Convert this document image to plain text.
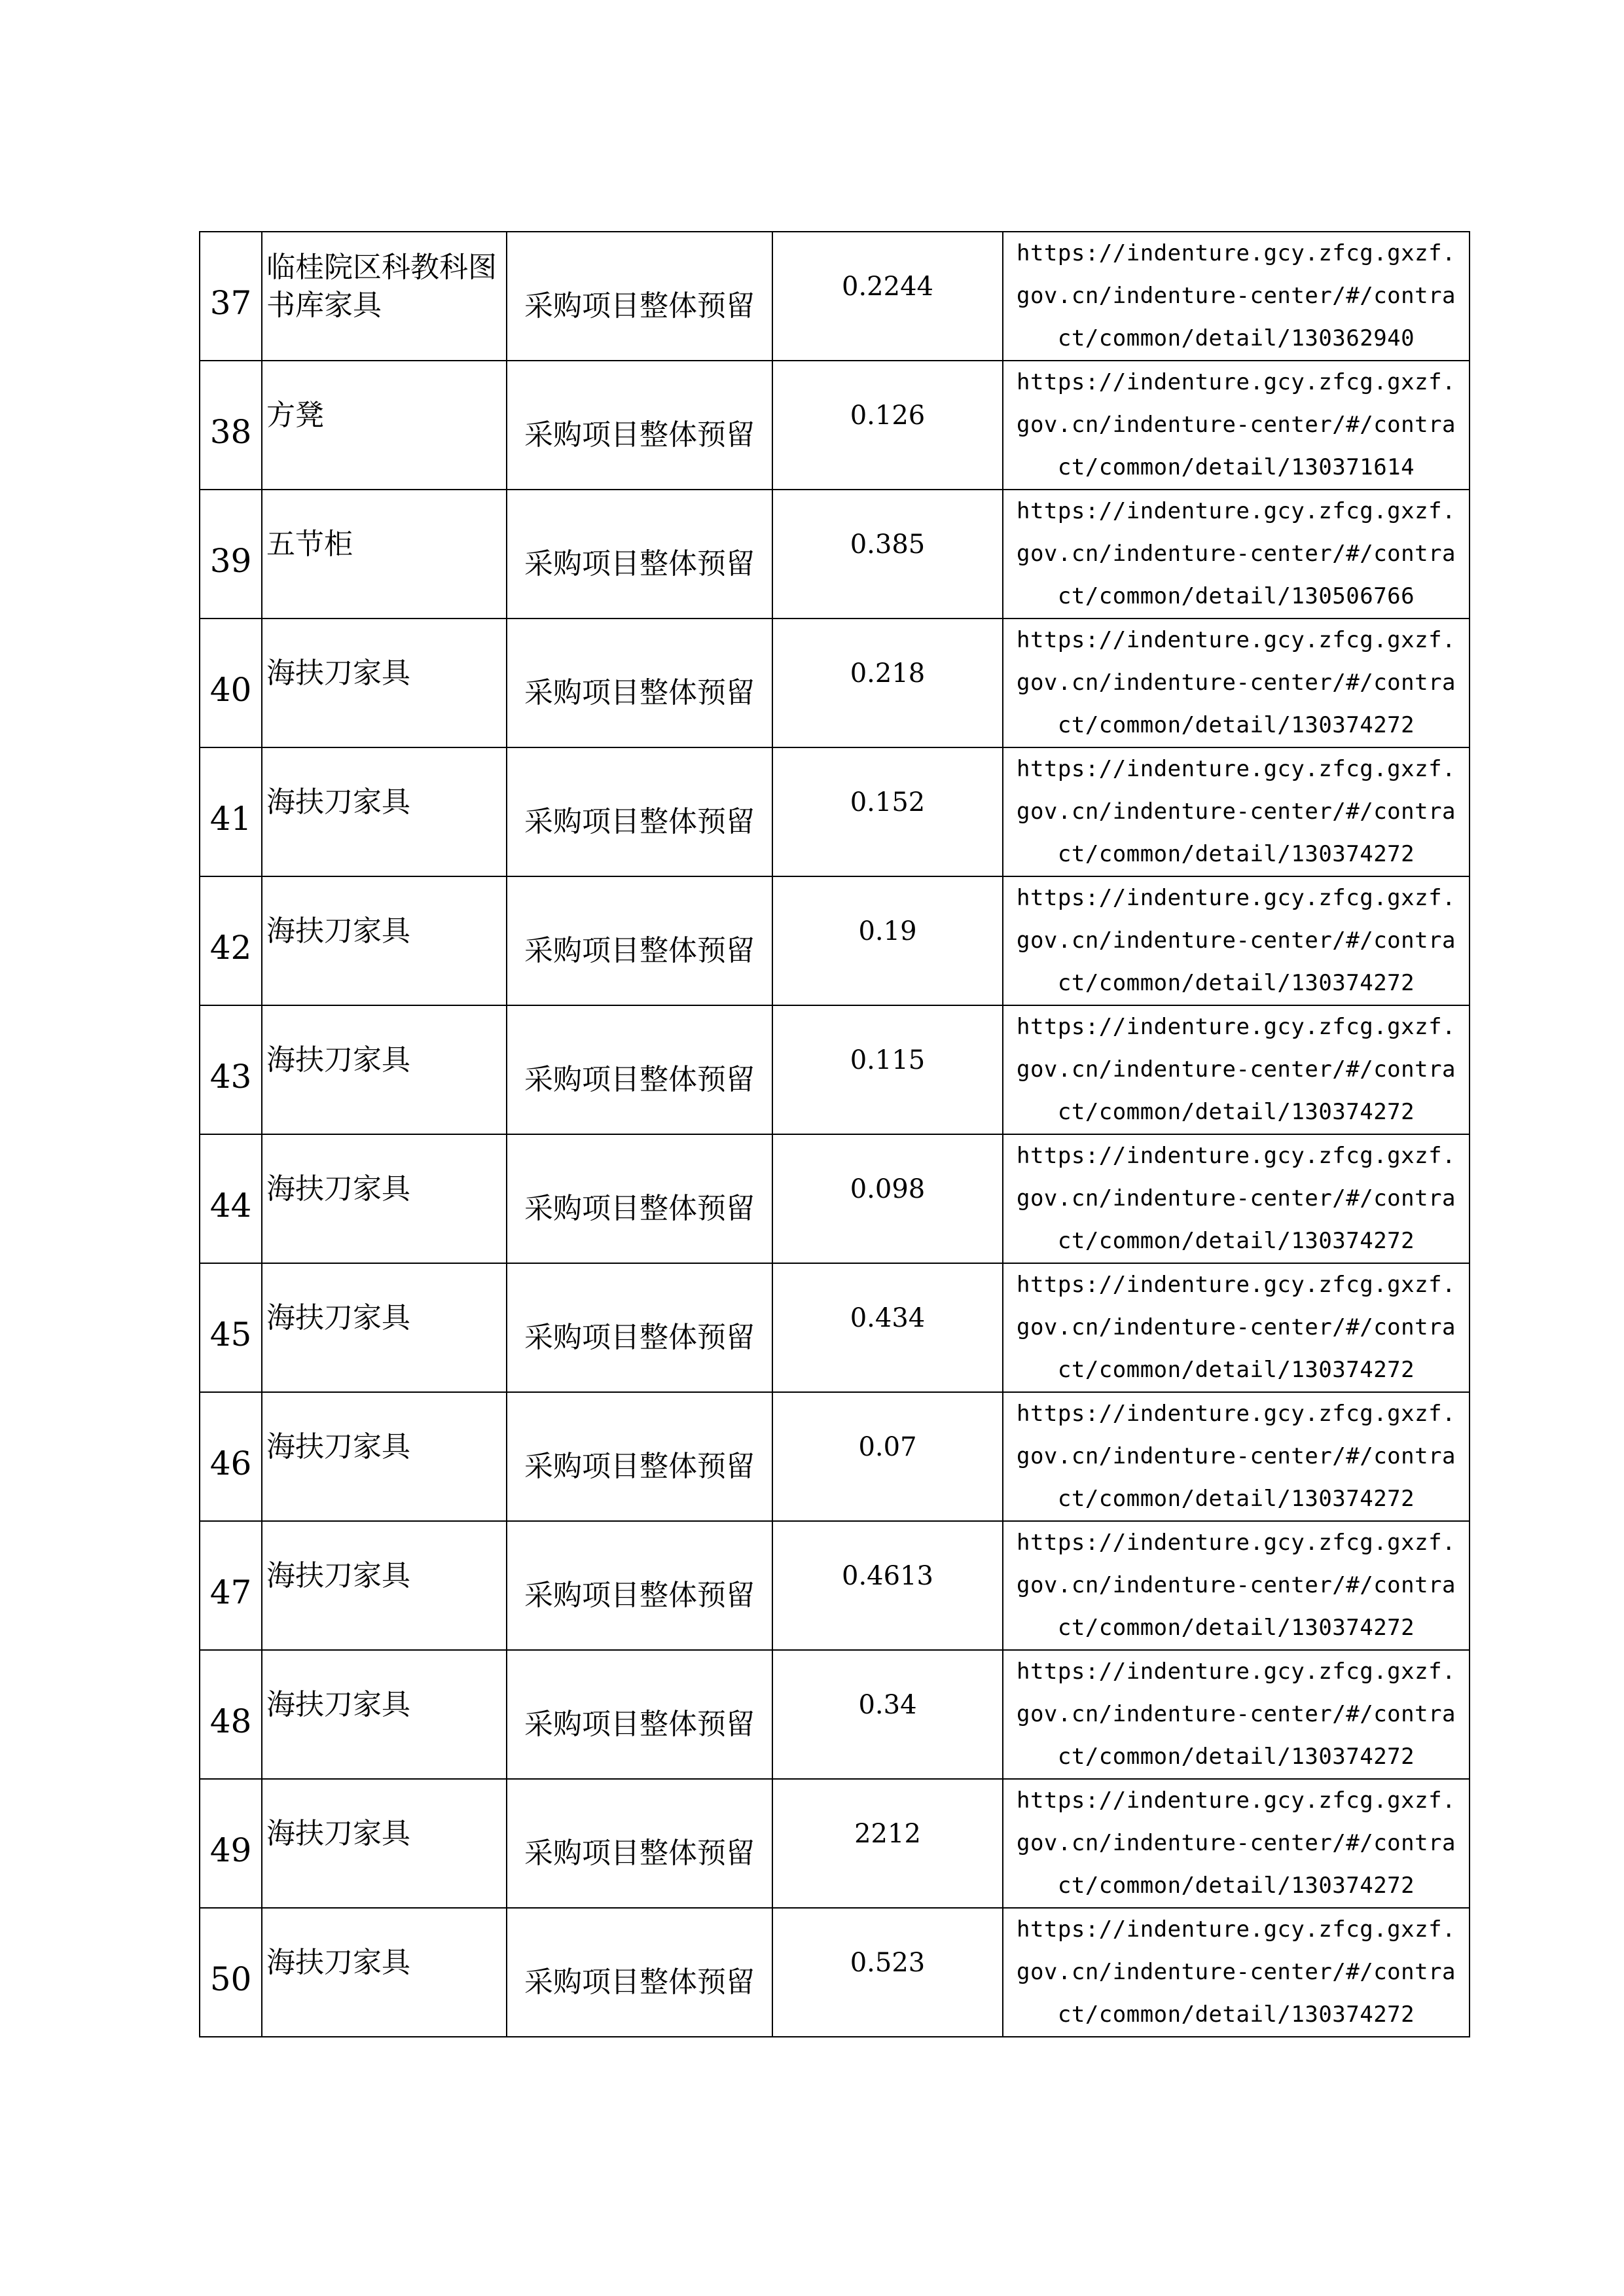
37	临桂院区科教科图书库家具	采购项目整体预留	0.2244	https://indenture.gcy.zfcg.gxzf.
gov.cn/indenture-center/#/contra
ct/common/detail/130362940

38	方凳	采购项目整体预留	0.126	https://indenture.gcy.zfcg.gxzf.
gov.cn/indenture-center/#/contra
ct/common/detail/130371614

39	五节柜	采购项目整体预留	0.385	https://indenture.gcy.zfcg.gxzf.
gov.cn/indenture-center/#/contra
ct/common/detail/130506766

40	海扶刀家具	采购项目整体预留	0.218	https://indenture.gcy.zfcg.gxzf.
gov.cn/indenture-center/#/contra
ct/common/detail/130374272

41	海扶刀家具	采购项目整体预留	0.152	https://indenture.gcy.zfcg.gxzf.
gov.cn/indenture-center/#/contra
ct/common/detail/130374272

42	海扶刀家具	采购项目整体预留	0.19	https://indenture.gcy.zfcg.gxzf.
gov.cn/indenture-center/#/contra
ct/common/detail/130374272

43	海扶刀家具	采购项目整体预留	0.115	https://indenture.gcy.zfcg.gxzf.
gov.cn/indenture-center/#/contra
ct/common/detail/130374272

44	海扶刀家具	采购项目整体预留	0.098	https://indenture.gcy.zfcg.gxzf.
gov.cn/indenture-center/#/contra
ct/common/detail/130374272

45	海扶刀家具	采购项目整体预留	0.434	https://indenture.gcy.zfcg.gxzf.
gov.cn/indenture-center/#/contra
ct/common/detail/130374272

46	海扶刀家具	采购项目整体预留	0.07	https://indenture.gcy.zfcg.gxzf.
gov.cn/indenture-center/#/contra
ct/common/detail/130374272

47	海扶刀家具	采购项目整体预留	0.4613	https://indenture.gcy.zfcg.gxzf.
gov.cn/indenture-center/#/contra
ct/common/detail/130374272

48	海扶刀家具	采购项目整体预留	0.34	https://indenture.gcy.zfcg.gxzf.
gov.cn/indenture-center/#/contra
ct/common/detail/130374272

49	海扶刀家具	采购项目整体预留	2212	https://indenture.gcy.zfcg.gxzf.
gov.cn/indenture-center/#/contra
ct/common/detail/130374272

50	海扶刀家具	采购项目整体预留	0.523	https://indenture.gcy.zfcg.gxzf.
gov.cn/indenture-center/#/contra
ct/common/detail/130374272
